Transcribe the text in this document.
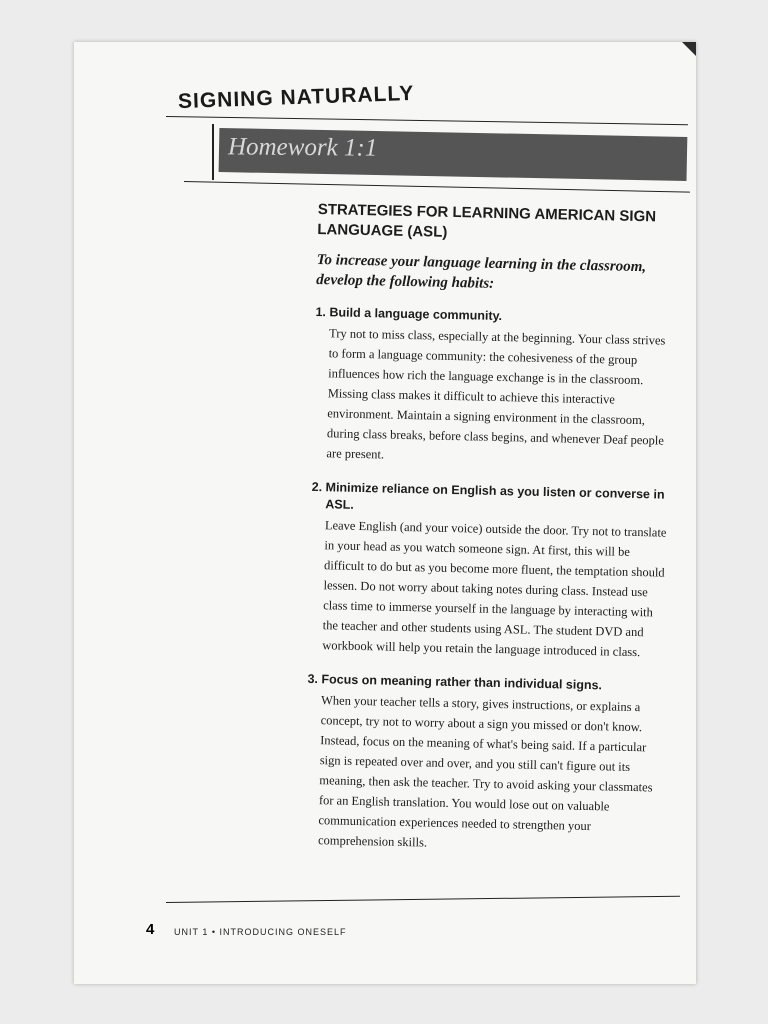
SIGNING NATURALLY
Homework 1:1
STRATEGIES FOR LEARNING AMERICAN SIGN LANGUAGE (ASL)
To increase your language learning in the classroom, develop the following habits:
1. Build a language community.

Try not to miss class, especially at the beginning. Your class strives to form a language community: the cohesiveness of the group influences how rich the language exchange is in the classroom. Missing class makes it difficult to achieve this interactive environment. Maintain a signing environment in the classroom, during class breaks, before class begins, and whenever Deaf people are present.

2. Minimize reliance on English as you listen or converse in ASL.

Leave English (and your voice) outside the door. Try not to translate in your head as you watch someone sign. At first, this will be difficult to do but as you become more fluent, the temptation should lessen. Do not worry about taking notes during class. Instead use class time to immerse yourself in the language by interacting with the teacher and other students using ASL. The student DVD and workbook will help you retain the language introduced in class.

3. Focus on meaning rather than individual signs.

When your teacher tells a story, gives instructions, or explains a concept, try not to worry about a sign you missed or don't know. Instead, focus on the meaning of what's being said. If a particular sign is repeated over and over, and you still can't figure out its meaning, then ask the teacher. Try to avoid asking your classmates for an English translation. You would lose out on valuable communication experiences needed to strengthen your comprehension skills.

4 UNIT 1 • INTRODUCING ONESELF
